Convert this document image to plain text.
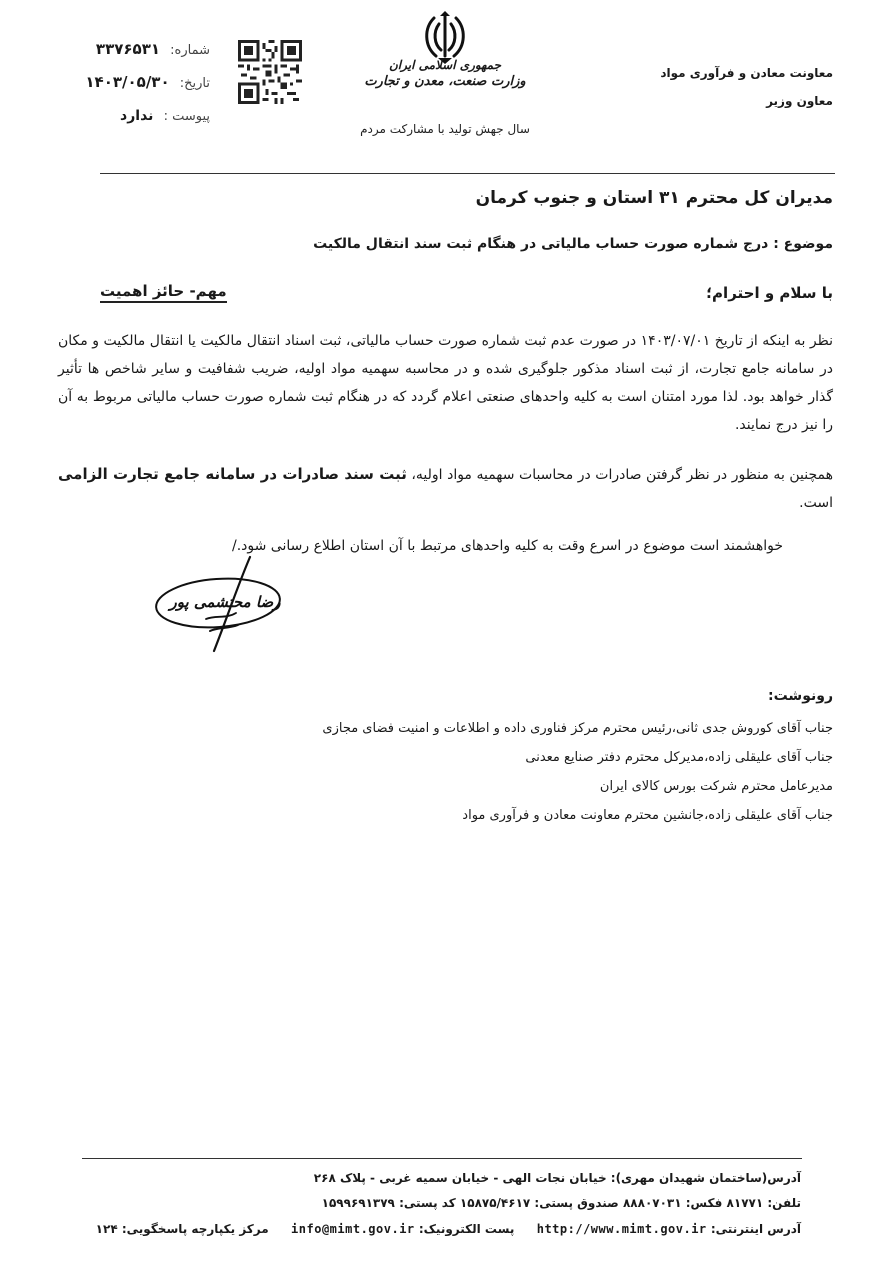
شماره: ۳۳۷۶۵۳۱
تاریخ: ۱۴۰۳/۰۵/۳۰
پیوست : ندارد
جمهوری اسلامی ایران
وزارت صنعت، معدن و تجارت
سال جهش تولید با مشارکت مردم
معاونت معادن و فرآوری مواد
معاون وزیر
مدیران کل محترم ۳۱ استان و جنوب کرمان
موضوع : درج شماره صورت حساب مالیاتی در هنگام ثبت سند انتقال مالکیت
با سلام و احترام؛
مهم- حائز اهمیت
نظر به اینکه از تاریخ ۱۴۰۳/۰۷/۰۱ در صورت عدم ثبت شماره صورت حساب مالیاتی، ثبت اسناد انتقال مالکیت یا انتقال مالکیت و مکان در سامانه جامع تجارت، از ثبت اسناد مذکور جلوگیری شده و در محاسبه سهمیه مواد اولیه، ضریب شفافیت و سایر شاخص ها تأثیر گذار خواهد بود. لذا مورد امتنان است به کلیه واحدهای صنعتی اعلام گردد که در هنگام ثبت شماره صورت حساب مالیاتی مربوط به آن را نیز درج نمایند.
همچنین به منظور در نظر گرفتن صادرات در محاسبات سهمیه مواد اولیه، ثبت سند صادرات در سامانه جامع تجارت الزامی است.
خواهشمند است موضوع در اسرع وقت به کلیه واحدهای مرتبط با آن استان اطلاع رسانی شود./
رضا محتشمی پور
رونوشت:
جناب آقای کوروش جدی ثانی،رئیس محترم مرکز فناوری داده و اطلاعات و امنیت فضای مجازی
جناب آقای علیقلی زاده،مدیرکل محترم دفتر صنایع معدنی
مدیرعامل محترم شرکت بورس کالای ایران
جناب آقای علیقلی زاده،جانشین محترم معاونت معادن و فرآوری مواد
آدرس(ساختمان شهیدان مهری): خیابان نجات الهی - خیابان سمیه غربی - پلاک ۲۶۸
تلفن: ۸۱۷۷۱ فکس: ۸۸۸۰۷۰۳۱ صندوق پستی: ۱۵۸۷۵/۴۶۱۷ کد پستی: ۱۵۹۹۶۹۱۳۷۹
آدرس اینترنتی: http://www.mimt.gov.ir  پست الکترونیک: info@mimt.gov.ir  مرکز یکپارچه پاسخگویی: ۱۲۴
